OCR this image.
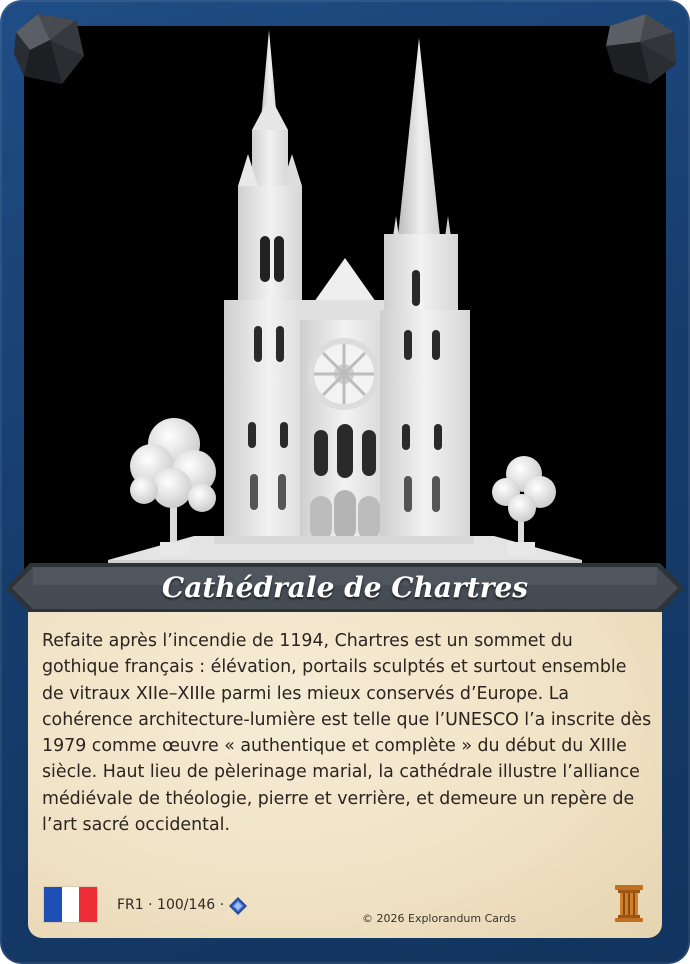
Cathédrale de Chartres

Refaite après l’incendie de 1194, Chartres est un sommet du gothique français : élévation, portails sculptés et surtout ensemble de vitraux XIIe–XIIIe parmi les mieux conservés d’Europe. La cohérence architecture-lumière est telle que l’UNESCO l’a inscrite dès 1979 comme œuvre « authentique et complète » du début du XIIIe siècle. Haut lieu de pèlerinage marial, la cathédrale illustre l’alliance médiévale de théologie, pierre et verrière, et demeure un repère de l’art sacré occidental.

FR1 · 100/146 ·
© 2026 Explorandum Cards
